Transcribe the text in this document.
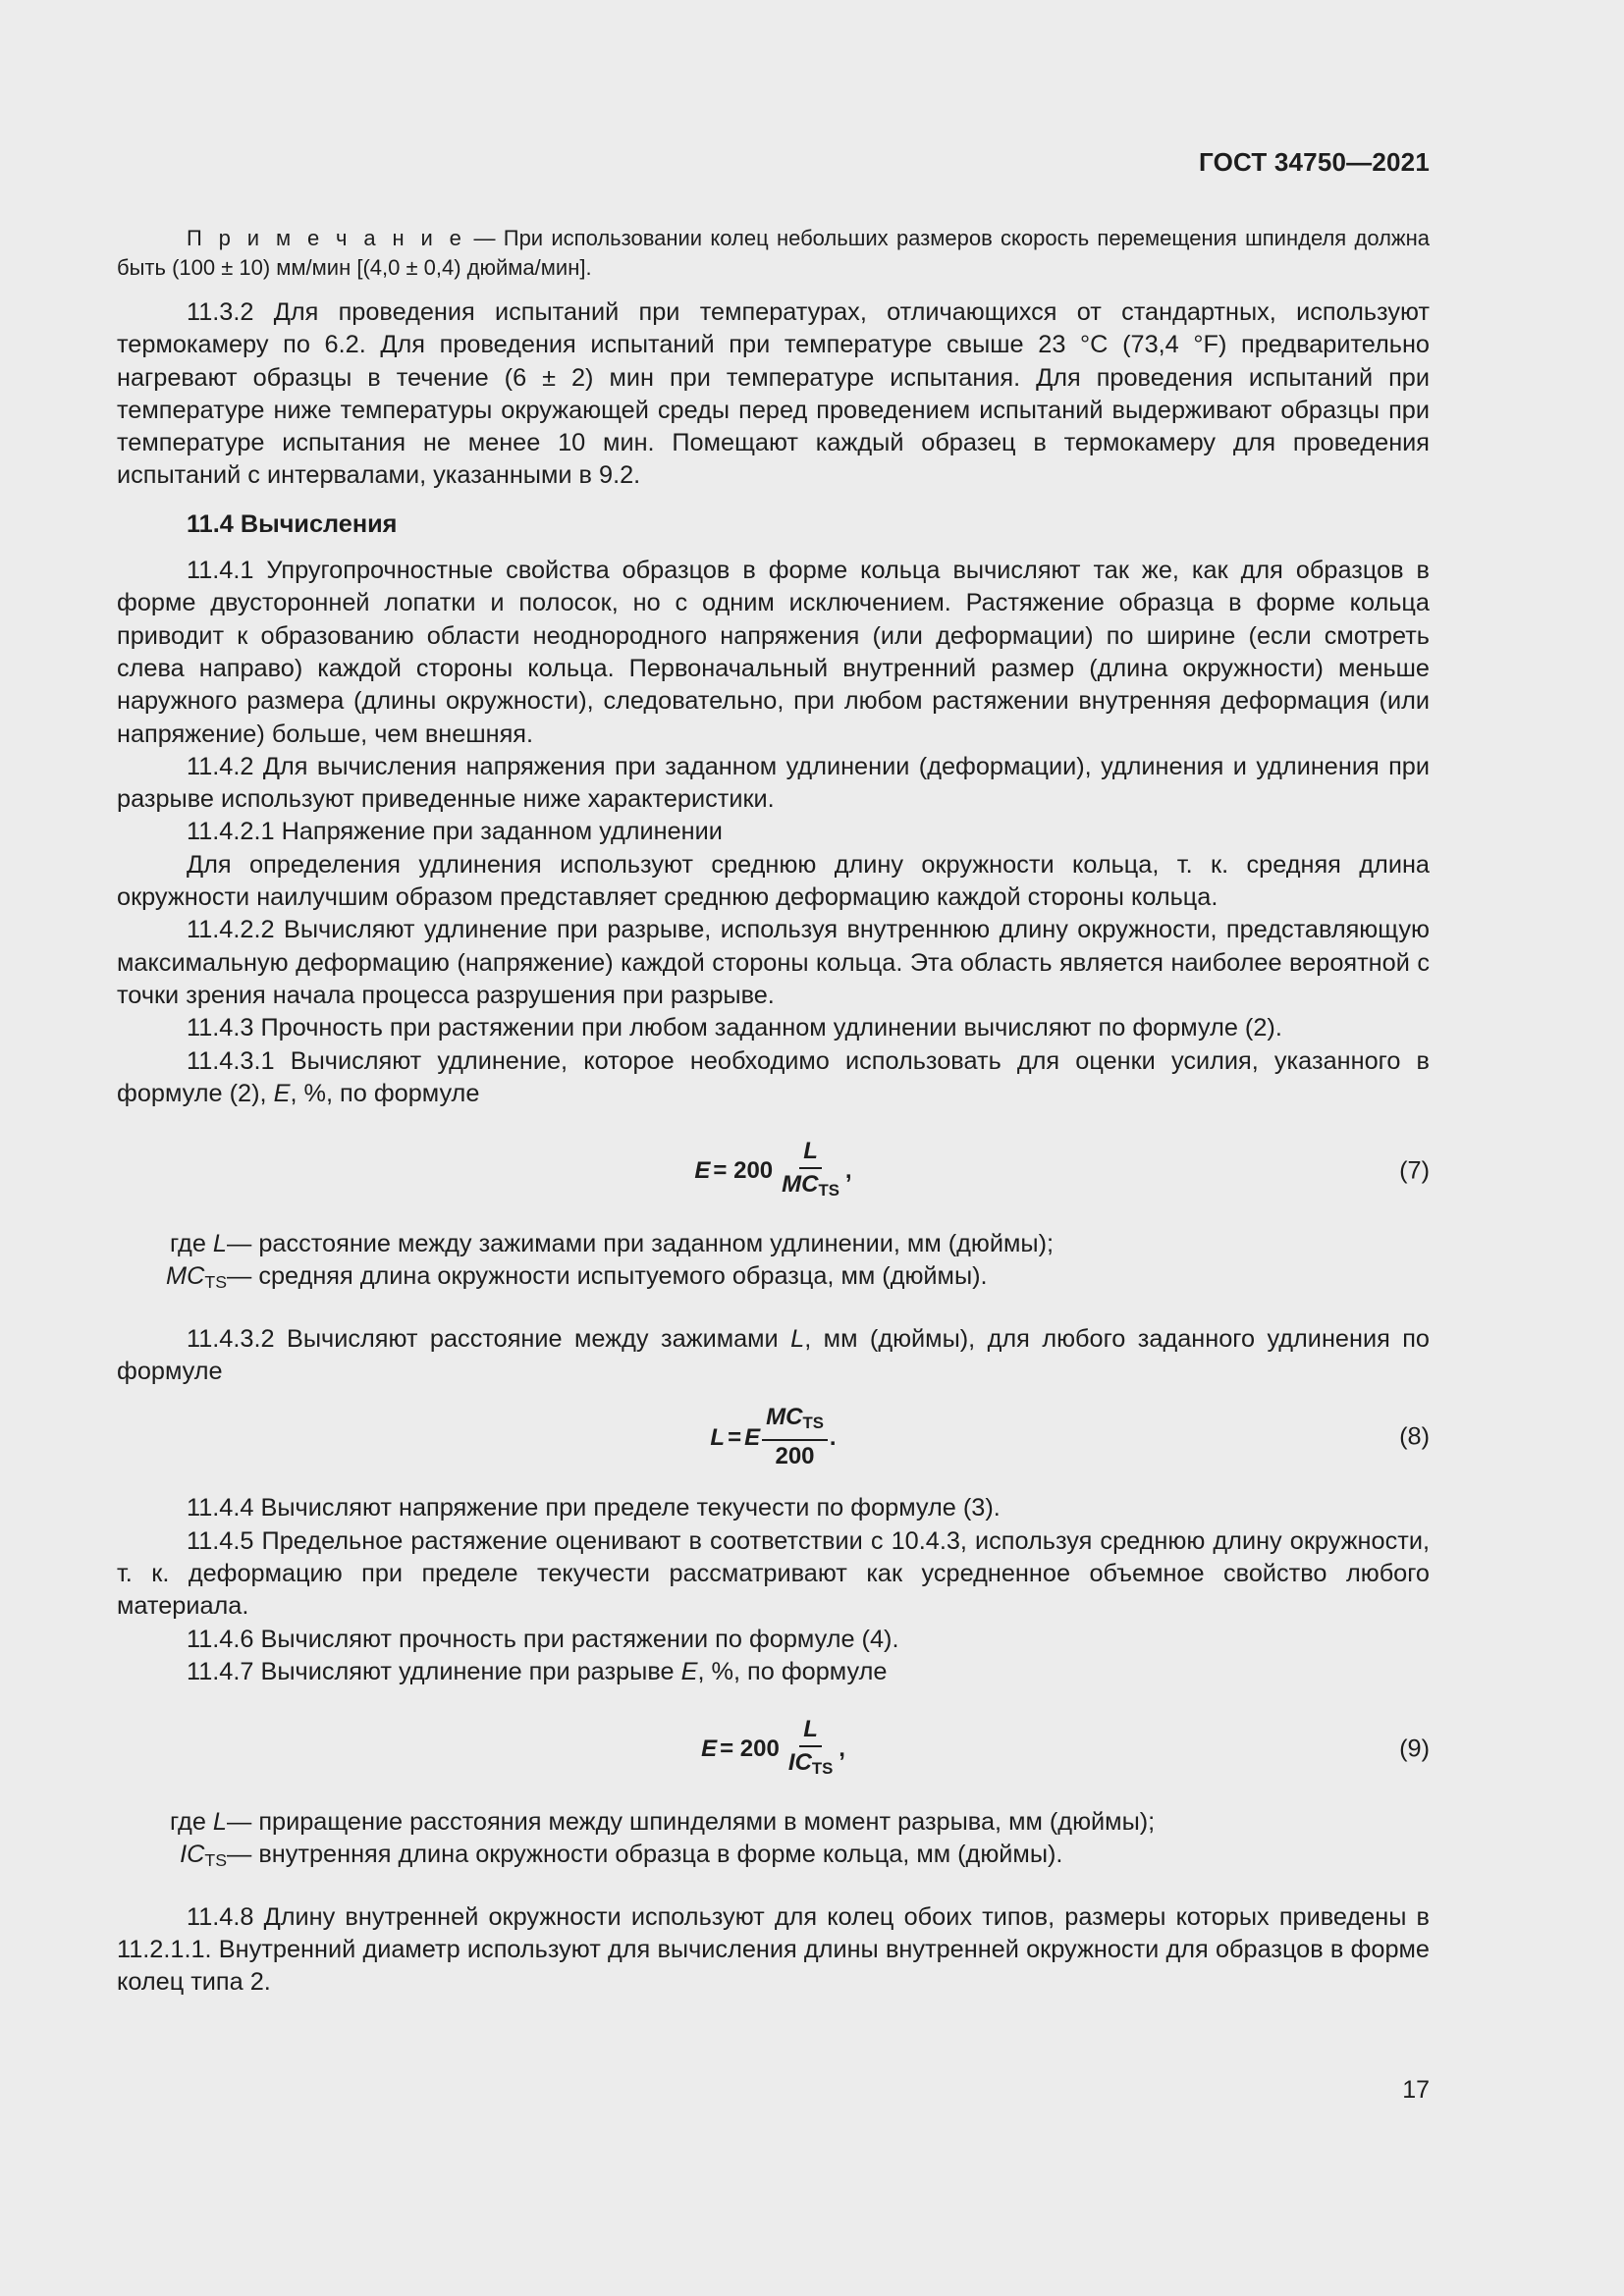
ГОСТ 34750—2021

П р и м е ч а н и е — При использовании колец небольших размеров скорость перемещения шпинделя должна быть (100 ± 10) мм/мин [(4,0 ± 0,4) дюйма/мин].

11.3.2 Для проведения испытаний при температурах, отличающихся от стандартных, используют термокамеру по 6.2. Для проведения испытаний при температуре свыше 23 °C (73,4 °F) предварительно нагревают образцы в течение (6 ± 2) мин при температуре испытания. Для проведения испытаний при температуре ниже температуры окружающей среды перед проведением испытаний выдерживают образцы при температуре испытания не менее 10 мин. Помещают каждый образец в термокамеру для проведения испытаний с интервалами, указанными в 9.2.

11.4 Вычисления

11.4.1 Упругопрочностные свойства образцов в форме кольца вычисляют так же, как для образцов в форме двусторонней лопатки и полосок, но с одним исключением. Растяжение образца в форме кольца приводит к образованию области неоднородного напряжения (или деформации) по ширине (если смотреть слева направо) каждой стороны кольца. Первоначальный внутренний размер (длина окружности) меньше наружного размера (длины окружности), следовательно, при любом растяжении внутренняя деформация (или напряжение) больше, чем внешняя.

11.4.2 Для вычисления напряжения при заданном удлинении (деформации), удлинения и удлинения при разрыве используют приведенные ниже характеристики.

11.4.2.1 Напряжение при заданном удлинении

Для определения удлинения используют среднюю длину окружности кольца, т. к. средняя длина окружности наилучшим образом представляет среднюю деформацию каждой стороны кольца.

11.4.2.2 Вычисляют удлинение при разрыве, используя внутреннюю длину окружности, представляющую максимальную деформацию (напряжение) каждой стороны кольца. Эта область является наиболее вероятной с точки зрения начала процесса разрушения при разрыве.

11.4.3 Прочность при растяжении при любом заданном удлинении вычисляют по формуле (2).

11.4.3.1 Вычисляют удлинение, которое необходимо использовать для оценки усилия, указанного в формуле (2), E, %, по формуле

$E = 200 \frac{L}{MC_{TS}}$ ,	(7)
где L — расстояние между зажимами при заданном удлинении, мм (дюймы);
$MC_{TS}$ — средняя длина окружности испытуемого образца, мм (дюймы).

11.4.3.2 Вычисляют расстояние между зажимами L, мм (дюймы), для любого заданного удлинения по формуле

L = E $\frac{MC_{TS}}{200}$ .	(8)

11.4.4 Вычисляют напряжение при пределе текучести по формуле (3).

11.4.5 Предельное растяжение оценивают в соответствии с 10.4.3, используя среднюю длину окружности, т. к. деформацию при пределе текучести рассматривают как усредненное объемное свойство любого материала.

11.4.6 Вычисляют прочность при растяжении по формуле (4).

11.4.7 Вычисляют удлинение при разрыве E, %, по формуле

$E = 200 \frac{L}{IC_{TS}}$ ,	(9)
где L — приращение расстояния между шпинделями в момент разрыва, мм (дюймы);
$IC_{TS}$ — внутренняя длина окружности образца в форме кольца, мм (дюймы).

11.4.8 Длину внутренней окружности используют для колец обоих типов, размеры которых приведены в 11.2.1.1. Внутренний диаметр используют для вычисления длины внутренней окружности для образцов в форме колец типа 2.

17
